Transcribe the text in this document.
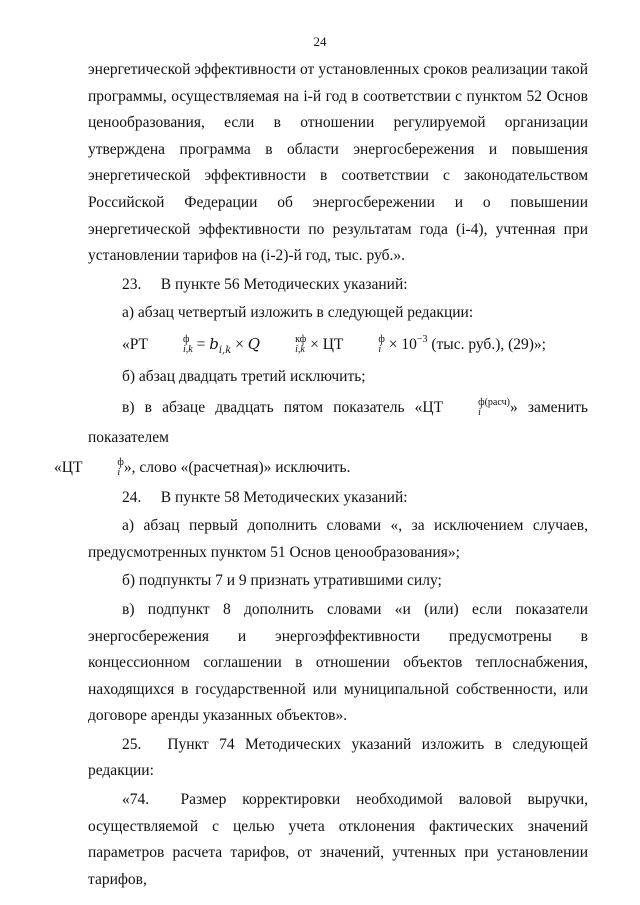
24

энергетической эффективности от установленных сроков реализации такой программы, осуществляемая на i-й год в соответствии с пунктом 52 Основ ценообразования, если в отношении регулируемой организации утверждена программа в области энергосбережения и повышения энергетической эффективности в соответствии с законодательством Российской Федерации об энергосбережении и о повышении энергетической эффективности по результатам года (i-4), учтенная при установлении тарифов на (i-2)-й год, тыс. руб.».

23.  В пункте 56 Методических указаний:

а) абзац четвертый изложить в следующей редакции:

«РТ	ф
$i,k = b_{i,k} \times Q$	кф
i,k × ЦТ	ф
$i \times 10^{-3}$ (тыс. руб.), (29)»;

б) абзац двадцать третий исключить;

в) в абзаце двадцать пятом показатель «ЦТ	ф(расч)
i	» заменить показателем
«ЦТ	ф
i », слово «(расчетная)» исключить.

24.  В пункте 58 Методических указаний:

а) абзац первый дополнить словами «, за исключением случаев, предусмотренных пунктом 51 Основ ценообразования»;

б) подпункты 7 и 9 признать утратившими силу;

в) подпункт 8 дополнить словами «и (или) если показатели энергосбережения и энергоэффективности предусмотрены в концессионном соглашении в отношении объектов теплоснабжения, находящихся в государственной или муниципальной собственности, или договоре аренды указанных объектов».

25.  Пункт 74 Методических указаний изложить в следующей редакции:

«74.  Размер корректировки необходимой валовой выручки, осуществляемой с целью учета отклонения фактических значений параметров расчета тарифов, от значений, учтенных при установлении тарифов,
